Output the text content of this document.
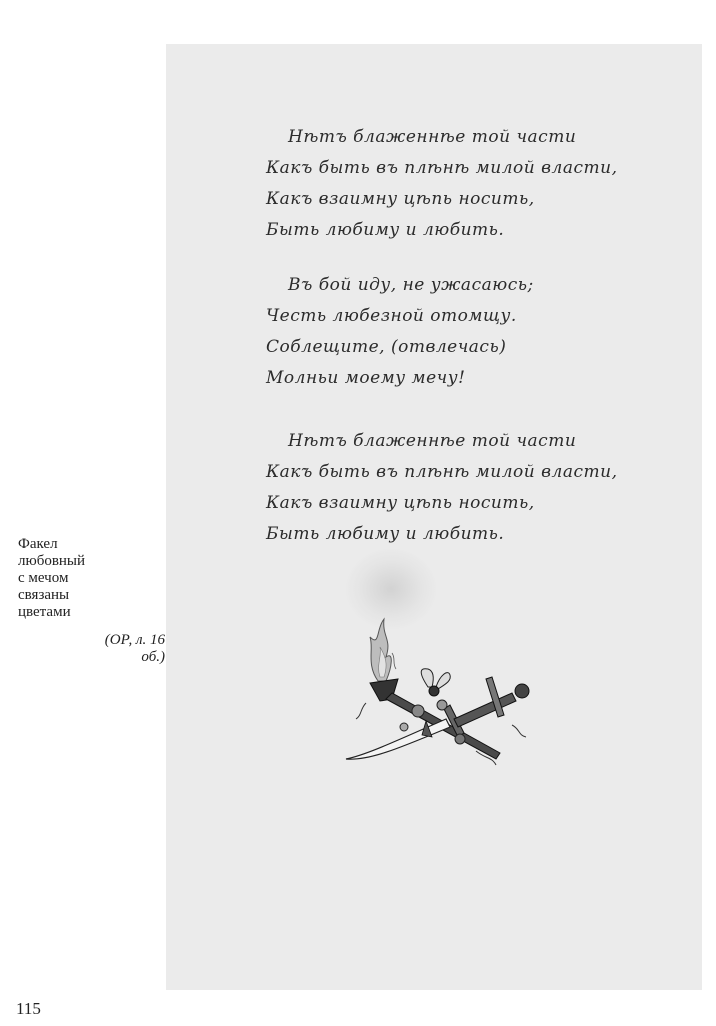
Факел
любовный
с мечом
связаны
цветами
(ОР, л. 16
об.)
115
Нѣтъ блаженнѣе той части
Какъ быть въ плѣнѣ милой власти,
Какъ взаимну цѣпь носить,
Быть любиму и любить.
Въ бой иду, не ужасаюсь;
Честь любезной отомщу.
Соблещите, (отвлечась)
Молньи моему мечу!
Нѣтъ блаженнѣе той части
Какъ быть въ плѣнѣ милой власти,
Какъ взаимну цѣпь носить,
Быть любиму и любить.
